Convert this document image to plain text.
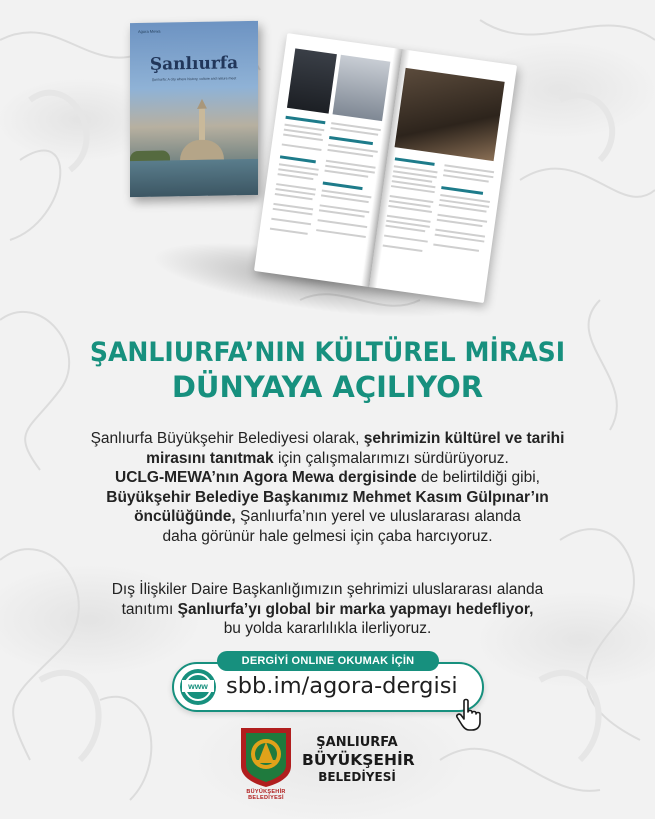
Agora Mewa
Şanlıurfa
Şanlıurfa: A city where history, culture and nature meet
ŞANLIURFA’NIN KÜLTÜREL MİRASI
DÜNYAYA AÇILIYOR
Şanlıurfa Büyükşehir Belediyesi olarak, şehrimizin kültürel ve tarihi
mirasını tanıtmak için çalışmalarımızı sürdürüyoruz.
UCLG-MEWA’nın Agora Mewa dergisinde de belirtildiği gibi,
Büyükşehir Belediye Başkanımız Mehmet Kasım Gülpınar’ın
öncülüğünde, Şanlıurfa’nın yerel ve uluslararası alanda
daha görünür hale gelmesi için çaba harcıyoruz.
Dış İlişkiler Daire Başkanlığımızın şehrimizi uluslararası alanda
tanıtımı Şanlıurfa’yı global bir marka yapmayı hedefliyor,
bu yolda kararlılıkla ilerliyoruz.
DERGİYİ ONLINE OKUMAK İÇİN
www sbb.im/agora-dergisi
BÜYÜKŞEHİR BELEDİYESİ
ŞANLIURFA
BÜYÜKŞEHİR
BELEDİYESİ
